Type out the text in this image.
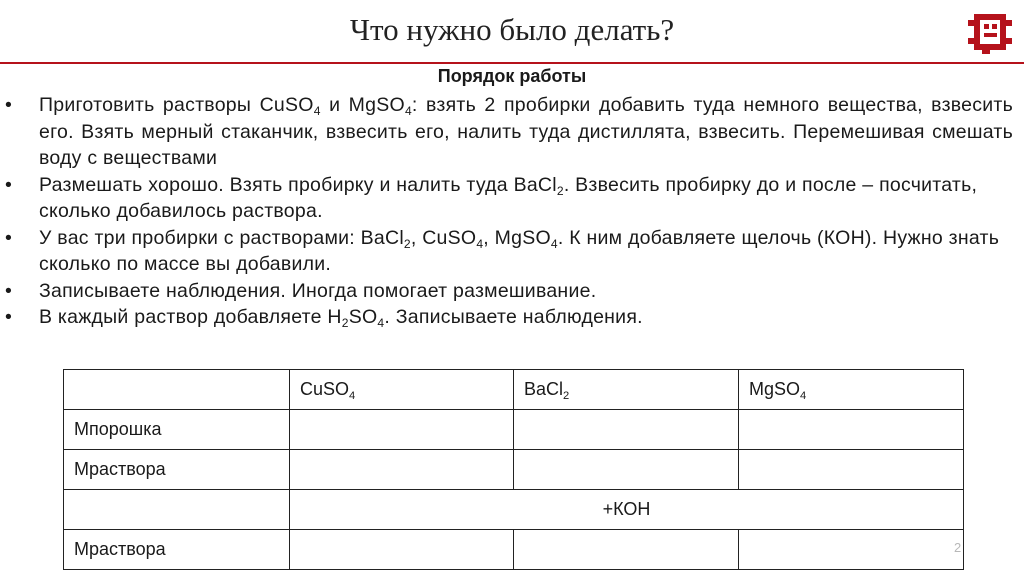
Что нужно было делать?
Порядок работы
• Приготовить растворы CuSO$_4$ и MgSO$_4$: взять 2 пробирки добавить туда немного вещества, взвесить его. Взять мерный стаканчик, взвесить его, налить туда дистиллята, взвесить. Перемешивая смешать воду с веществами
• Размешать хорошо. Взять пробирку и налить туда BaCl$_2$. Взвесить пробирку до и после – посчитать, сколько добавилось раствора.
• У вас три пробирки с растворами: BaCl$_2$, CuSO$_4$, MgSO$_4$. К ним добавляете щелочь (КОН). Нужно знать сколько по массе вы добавили.
• Записываете наблюдения. Иногда помогает размешивание.
• В каждый раствор добавляете $H_2SO_4$. Записываете наблюдения.
	CuSO$_4$	BaCl$_2$	MgSO$_4$
Мпорошка			
Мраствора			
	+КОН		
Мраствора				2
